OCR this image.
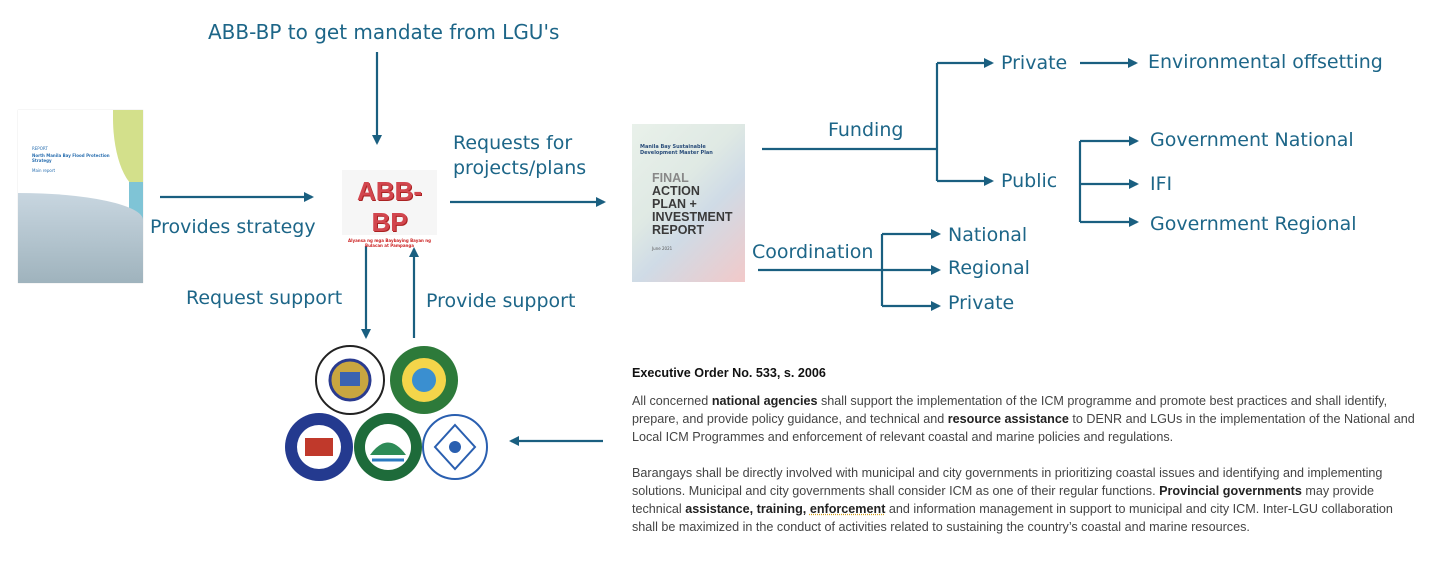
ABB-BP to get mandate from LGU's
REPORT
North Manila Bay Flood Protection Strategy
Main report
Provides strategy
ABB-BP
Alyansa ng mga Baybaying Bayan ng Bulacan at Pampanga
Requests for
projects/plans
Manila Bay Sustainable Development Master Plan
FINAL
ACTION
PLAN +
INVESTMENT
REPORT
June 2021
Funding
Private	Environmental offsetting
Public
Government National
IFI
Government Regional
Coordination
National
Regional
Private
Request support	Provide support
Executive Order No. 533, s. 2006

All concerned national agencies shall support the implementation of the ICM programme and promote best practices and shall identify, prepare, and provide policy guidance, and technical and resource assistance to DENR and LGUs in the implementation of the National and Local ICM Programmes and enforcement of relevant coastal and marine policies and regulations.

Barangays shall be directly involved with municipal and city governments in prioritizing coastal issues and identifying and implementing solutions. Municipal and city governments shall consider ICM as one of their regular functions. Provincial governments may provide technical assistance, training, enforcement and information management in support to municipal and city ICM. Inter-LGU collaboration shall be maximized in the conduct of activities related to sustaining the country’s coastal and marine resources.
